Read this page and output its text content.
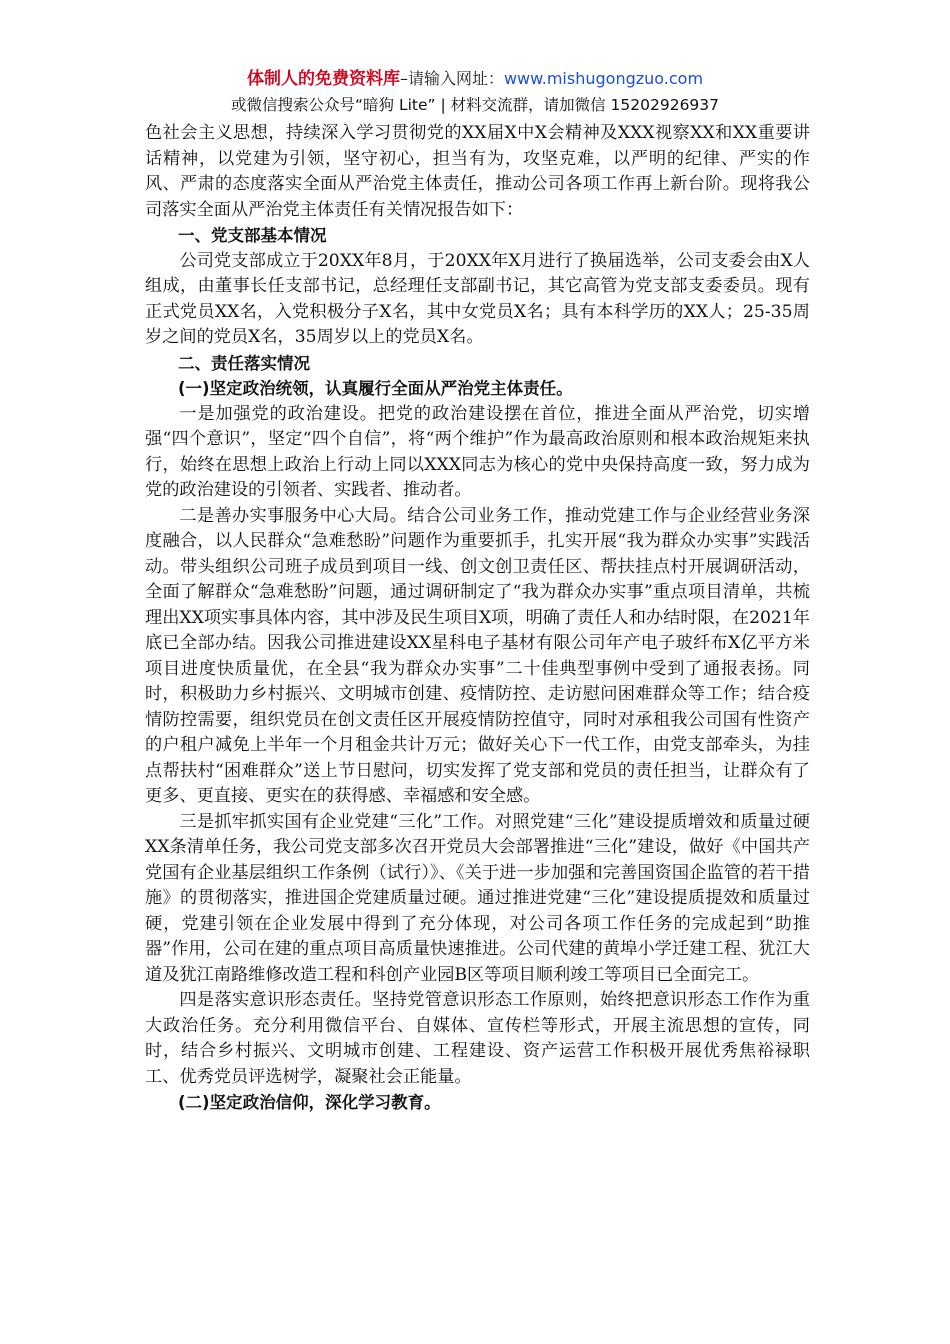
体制人的免费资料库–请输入网址：www.mishugongzuo.com
或微信搜索公众号“暗狗 Lite” | 材料交流群，请加微信 15202926937

色社会主义思想，持续深入学习贯彻党的XX届X中X会精神及XXX视察XX和XX重要讲话精神，以党建为引领，坚守初心，担当有为，攻坚克难，以严明的纪律、严实的作风、严肃的态度落实全面从严治党主体责任，推动公司各项工作再上新台阶。现将我公司落实全面从严治党主体责任有关情况报告如下：

一、党支部基本情况

公司党支部成立于20XX年8月，于20XX年X月进行了换届选举，公司支委会由X人组成，由董事长任支部书记，总经理任支部副书记，其它高管为党支部支委委员。现有正式党员XX名，入党积极分子X名，其中女党员X名；具有本科学历的XX人；25-35周岁之间的党员X名，35周岁以上的党员X名。

二、责任落实情况

(一)坚定政治统领，认真履行全面从严治党主体责任。

一是加强党的政治建设。把党的政治建设摆在首位，推进全面从严治党，切实增强“四个意识”，坚定“四个自信”，将“两个维护”作为最高政治原则和根本政治规矩来执行，始终在思想上政治上行动上同以XXX同志为核心的党中央保持高度一致，努力成为党的政治建设的引领者、实践者、推动者。

二是善办实事服务中心大局。结合公司业务工作，推动党建工作与企业经营业务深度融合，以人民群众“急难愁盼”问题作为重要抓手，扎实开展“我为群众办实事”实践活动。带头组织公司班子成员到项目一线、创文创卫责任区、帮扶挂点村开展调研活动，全面了解群众“急难愁盼”问题，通过调研制定了“我为群众办实事”重点项目清单，共梳理出XX项实事具体内容，其中涉及民生项目X项，明确了责任人和办结时限，在2021年底已全部办结。因我公司推进建设XX星科电子基材有限公司年产电子玻纤布X亿平方米项目进度快质量优，在全县“我为群众办实事”二十佳典型事例中受到了通报表扬。同时，积极助力乡村振兴、文明城市创建、疫情防控、走访慰问困难群众等工作；结合疫情防控需要，组织党员在创文责任区开展疫情防控值守，同时对承租我公司国有性资产的户租户减免上半年一个月租金共计万元；做好关心下一代工作，由党支部牵头，为挂点帮扶村“困难群众”送上节日慰问，切实发挥了党支部和党员的责任担当，让群众有了更多、更直接、更实在的获得感、幸福感和安全感。

三是抓牢抓实国有企业党建“三化”工作。对照党建“三化”建设提质增效和质量过硬XX条清单任务，我公司党支部多次召开党员大会部署推进“三化”建设，做好《中国共产党国有企业基层组织工作条例（试行）》、《关于进一步加强和完善国资国企监管的若干措施》的贯彻落实，推进国企党建质量过硬。通过推进党建“三化”建设提质提效和质量过硬，党建引领在企业发展中得到了充分体现，对公司各项工作任务的完成起到“助推器”作用，公司在建的重点项目高质量快速推进。公司代建的黄埠小学迁建工程、犹江大道及犹江南路维修改造工程和科创产业园B区等项目顺利竣工等项目已全面完工。

四是落实意识形态责任。坚持党管意识形态工作原则，始终把意识形态工作作为重大政治任务。充分利用微信平台、自媒体、宣传栏等形式，开展主流思想的宣传，同时，结合乡村振兴、文明城市创建、工程建设、资产运营工作积极开展优秀焦裕禄职工、优秀党员评选树学，凝聚社会正能量。

(二)坚定政治信仰，深化学习教育。
